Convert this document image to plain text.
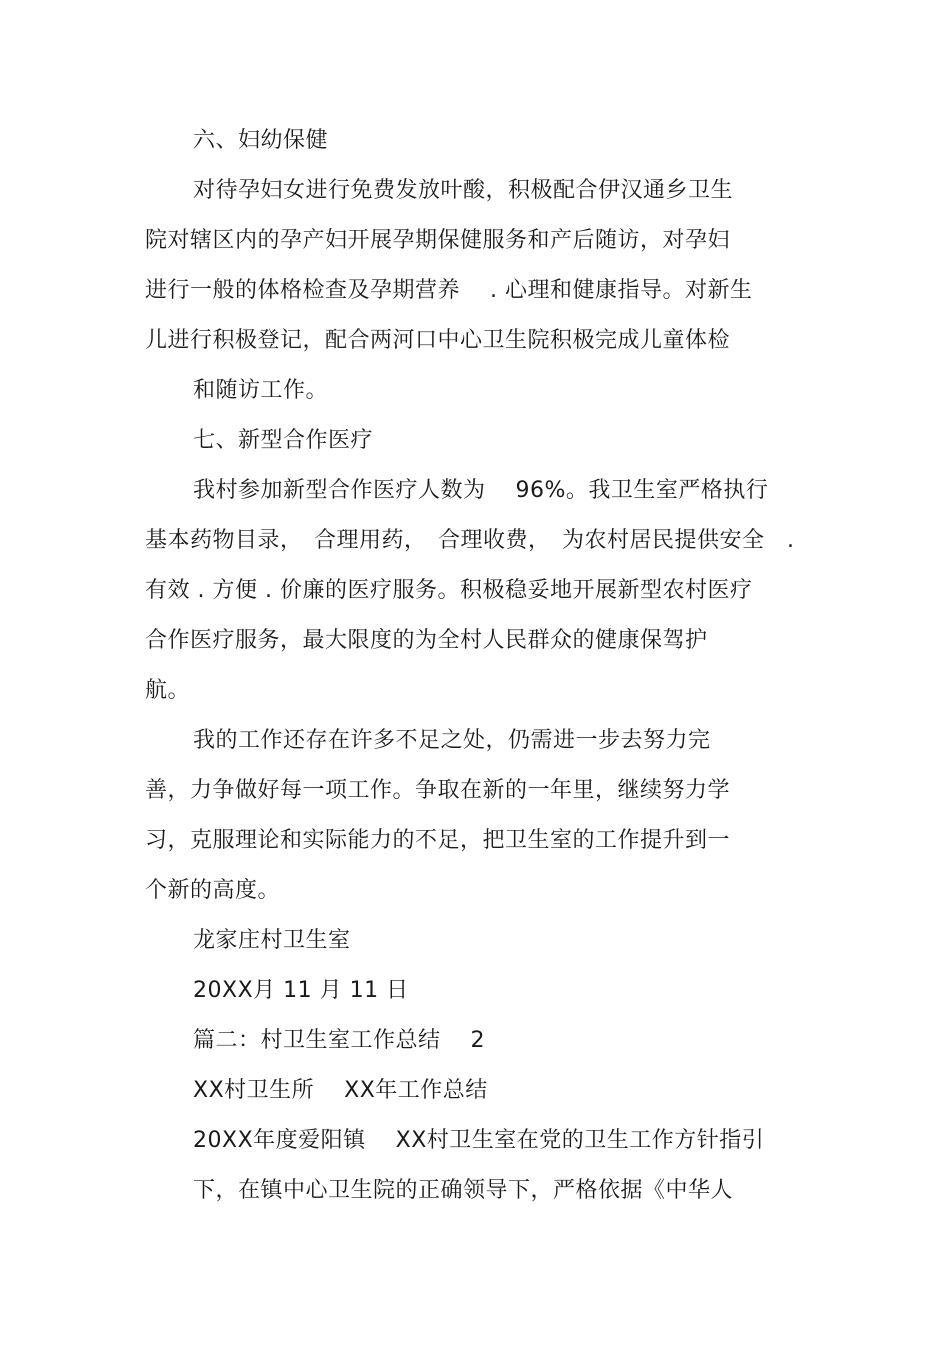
六、妇幼保健
对待孕妇女进行免费发放叶酸，积极配合伊汉通乡卫生
院对辖区内的孕产妇开展孕期保健服务和产后随访，对孕妇
进行一般的体格检查及孕期营养 　. 心理和健康指导。对新生
儿进行积极登记，配合两河口中心卫生院积极完成儿童体检
和随访工作。
七、新型合作医疗
我村参加新型合作医疗人数为 　96%。我卫生室严格执行
基本药物目录，　合理用药，　合理收费，　为农村居民提供安全　.
有效 . 方便 . 价廉的医疗服务。积极稳妥地开展新型农村医疗
合作医疗服务，最大限度的为全村人民群众的健康保驾护
航。
我的工作还存在许多不足之处，仍需进一步去努力完
善，力争做好每一项工作。争取在新的一年里，继续努力学
习，克服理论和实际能力的不足，把卫生室的工作提升到一
个新的高度。
龙家庄村卫生室
20XX月 11 月 11 日
篇二：村卫生室工作总结 　2
XX村卫生所 　XX年工作总结
20XX年度爱阳镇 　XX村卫生室在党的卫生工作方针指引
下，在镇中心卫生院的正确领导下，严格依据《中华人
